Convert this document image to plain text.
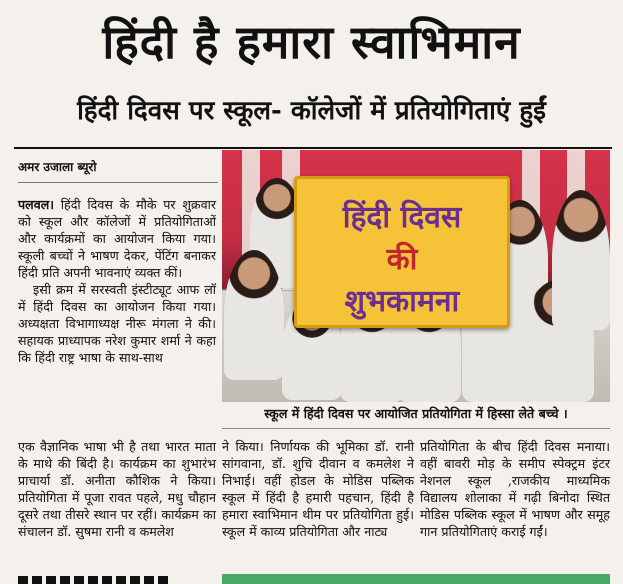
हिंदी है हमारा स्वाभिमान
हिंदी दिवस पर स्कूल- कॉलेजों में प्रतियोगिताएं हुईं
अमर उजाला ब्यूरो

पलवल। हिंदी दिवस के मौके पर शुक्रवार को स्कूल और कॉलेजों में प्रतियोगिताओं और कार्यक्रमों का आयोजन किया गया। स्कूली बच्चों ने भाषण देकर, पेंटिंग बनाकर हिंदी प्रति अपनी भावनाएं व्यक्त कीं।
इसी क्रम में सरस्वती इंस्टीट्यूट आफ लॉ में हिंदी दिवस का आयोजन किया गया। अध्यक्षता विभागाध्यक्ष नीरू मंगला ने की। सहायक प्राध्यापक नरेश कुमार शर्मा ने कहा कि हिंदी राष्ट्र भाषा के साथ-साथ

हिंदी दिवस
की
शुभकामना
स्कूल में हिंदी दिवस पर आयोजित प्रतियोगिता में हिस्सा लेते बच्चे ।

एक वैज्ञानिक भाषा भी है तथा भारत माता के माथे की बिंदी है। कार्यक्रम का शुभारंभ प्राचार्या डॉ. अनीता कौशिक ने किया। प्रतियोगिता में पूजा रावत पहले, मधु चौहान दूसरे तथा तीसरे स्थान पर रहीं। कार्यक्रम का संचालन डॉ. सुषमा रानी व कमलेश

ने किया। निर्णायक की भूमिका डॉ. रानी सांगवाना, डॉ. शुचि दीवान व कमलेश ने निभाई। वहीं होडल के मोडिस पब्लिक स्कूल में हिंदी है हमारी पहचान, हिंदी है हमारा स्वाभिमान थीम पर प्रतियोगिता हुई। स्कूल में काव्य प्रतियोगिता और नाट्य

प्रतियोगिता के बीच हिंदी दिवस मनाया। वहीं बावरी मोड़ के समीप स्पेक्ट्रम इंटर नेशनल स्कूल ,राजकीय माध्यमिक विद्यालय शोलाका में गढ़ी बिनोदा स्थित मोडिस पब्लिक स्कूल में भाषण और समूह गान प्रतियोगिताएं कराई गईं।
